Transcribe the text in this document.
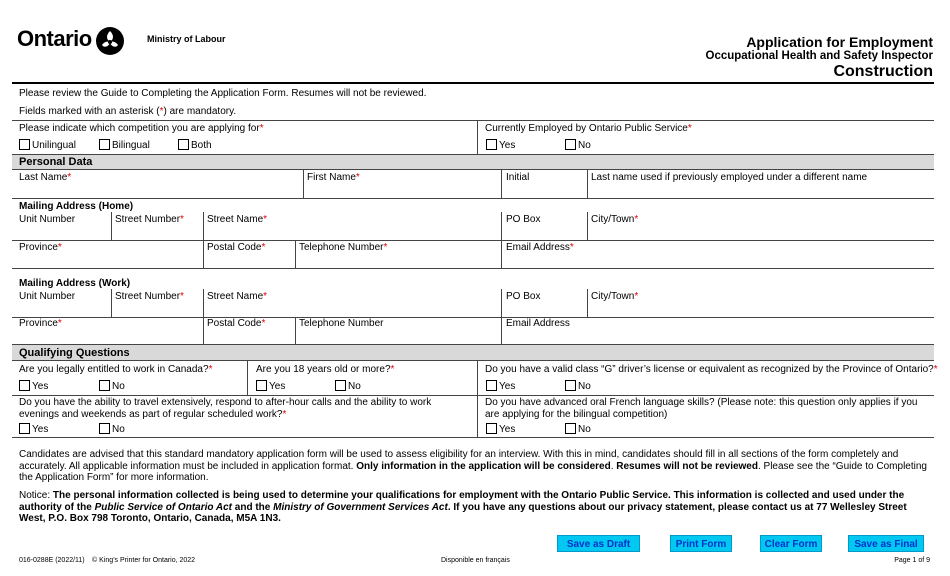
Ontario	Ministry of Labour	Application for Employment
Occupational Health and Safety Inspector
Construction
Please review the Guide to Completing the Application Form. Resumes will not be reviewed.
Fields marked with an asterisk (*) are mandatory.
Please indicate which competition you are applying for*
Unilingual	Bilingual	Both
Currently Employed by Ontario Public Service*
Yes	No
Personal Data
Last Name*	First Name*	Initial	Last name used if previously employed under a different name
Mailing Address (Home)
Unit Number	Street Number* Street Name*	PO Box	City/Town*
Province*	Postal Code*	Telephone Number*	Email Address*
Mailing Address (Work)
Unit Number	Street Number* Street Name*	PO Box	City/Town*
Province*	Postal Code*	Telephone Number	Email Address
Qualifying Questions
Are you legally entitled to work in Canada?*
Yes	No
Are you 18 years old or more?*
Yes	No
Do you have a valid class “G” driver’s license or equivalent as recognized by the Province of Ontario?*
Yes	No
Do you have the ability to travel extensively, respond to after-hour calls and the ability to work evenings and weekends as part of regular scheduled work?*
Yes	No
Do you have advanced oral French language skills? (Please note: this question only applies if you are applying for the bilingual competition)
Yes	No
Candidates are advised that this standard mandatory application form will be used to assess eligibility for an interview. With this in mind, candidates should fill in all sections of the form completely and accurately. All applicable information must be included in application format. Only information in the application will be considered. Resumes will not be reviewed. Please see the “Guide to Completing the Application Form” for more information.
Notice: The personal information collected is being used to determine your qualifications for employment with the Ontario Public Service. This information is collected and used under the authority of the Public Service of Ontario Act and the Ministry of Government Services Act. If you have any questions about our privacy statement, please contact us at 77 Wellesley Street West, P.O. Box 798 Toronto, Ontario, Canada, M5A 1N3.
Save as Draft	Print Form	Clear Form	Save as Final
016-0288E (2022/11) © King’s Printer for Ontario, 2022	Disponible en français	Page 1 of 9
